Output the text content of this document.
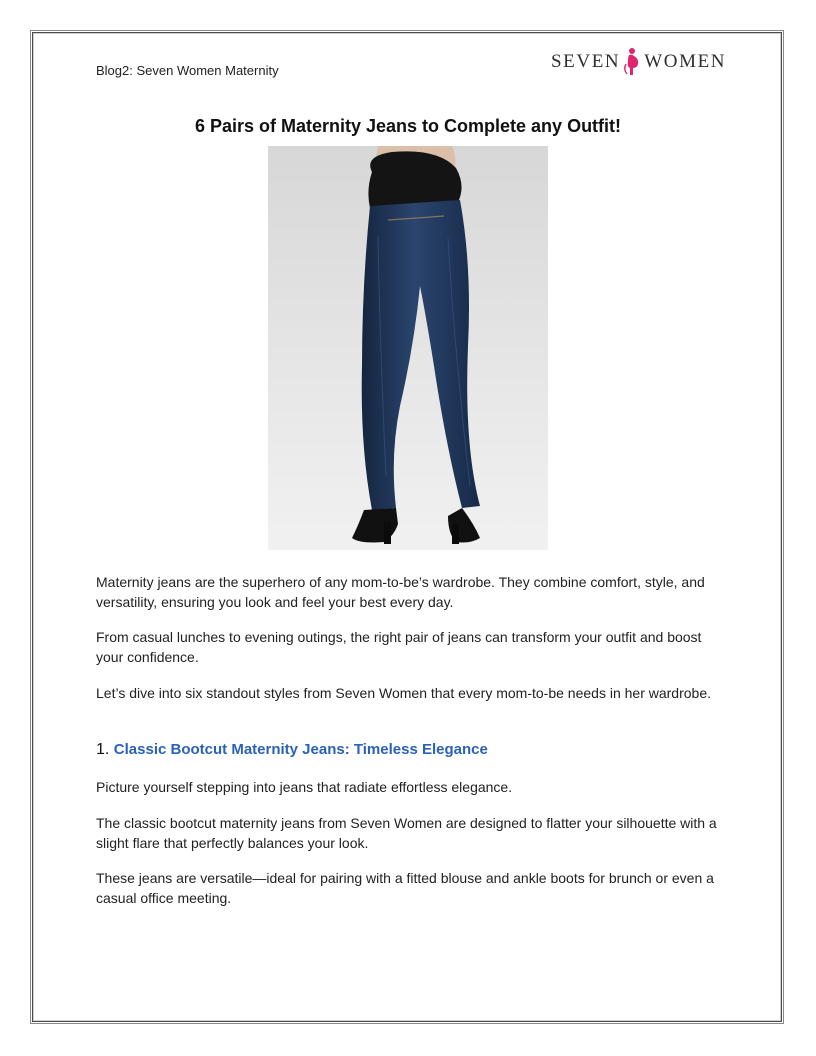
Blog2: Seven Women Maternity	SEVEN WOMEN
6 Pairs of Maternity Jeans to Complete any Outfit!

Maternity jeans are the superhero of any mom-to-be’s wardrobe. They combine comfort, style, and versatility, ensuring you look and feel your best every day.

From casual lunches to evening outings, the right pair of jeans can transform your outfit and boost your confidence.

Let’s dive into six standout styles from Seven Women that every mom-to-be needs in her wardrobe.

1. Classic Bootcut Maternity Jeans: Timeless Elegance

Picture yourself stepping into jeans that radiate effortless elegance.

The classic bootcut maternity jeans from Seven Women are designed to flatter your silhouette with a slight flare that perfectly balances your look.

These jeans are versatile—ideal for pairing with a fitted blouse and ankle boots for brunch or even a casual office meeting.
